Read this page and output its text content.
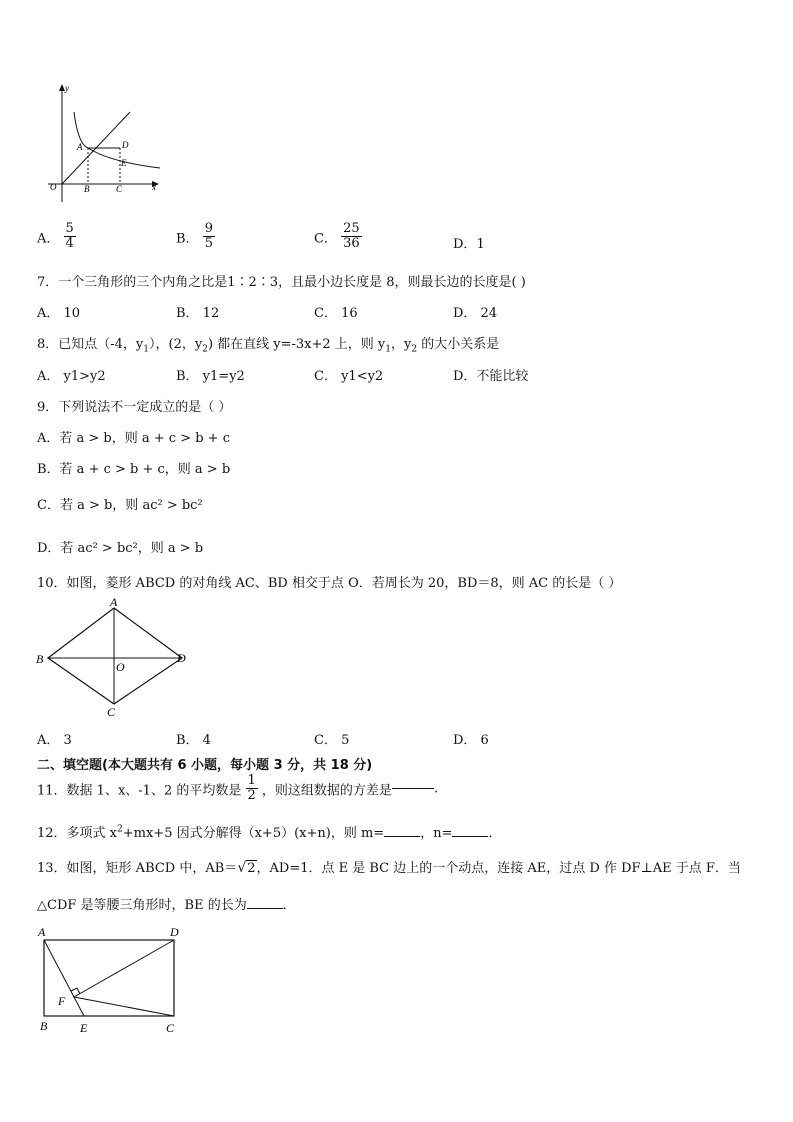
y
x
O
A
B	C
D
E
A． $\frac{5}{4}$	B． $\frac{9}{5}$	C． $\frac{25}{36}$	D．1
7．一个三角形的三个内角之比是1∶2∶3，且最小边长度是 8，则最长边的长度是( )
A． 10	B． 12	C． 16	D． 24
8．已知点（-4，$y_1$），(2，$y_2$) 都在直线 y=-3x+2 上，则 $y_1$，$y_2$ 的大小关系是
A． y1>y2	B． y1=y2	C． y1<y2	D．不能比较
9．下列说法不一定成立的是（ ）
A．若 a > b，则 a + c > b + c
B．若 a + c > b + c，则 a > b
C．若 a > b，则 ac² > bc²
D．若 ac² > bc²，则 a > b
10．如图，菱形 ABCD 的对角线 AC、BD 相交于点 O．若周长为 20，BD＝8，则 AC 的长是（ ）
A
B	D
C
O
A． 3	B． 4	C． 5	D． 6
二、填空题(本大题共有 6 小题，每小题 3 分，共 18 分)
11．数据 1、x、-1、2 的平均数是 $\frac{1}{2}$ ，则这组数据的方差是	.
12．多项式 $x^2+mx+5$ 因式分解得（x+5）(x+n)，则 m=	，n=	．
13．如图，矩形 ABCD 中，AB＝√2，AD=1．点 E 是 BC 边上的一个动点，连接 AE，过点 D 作 DF⊥AE 于点 F．当
△CDF 是等腰三角形时，BE 的长为	．
A	D
F
B	E	C
